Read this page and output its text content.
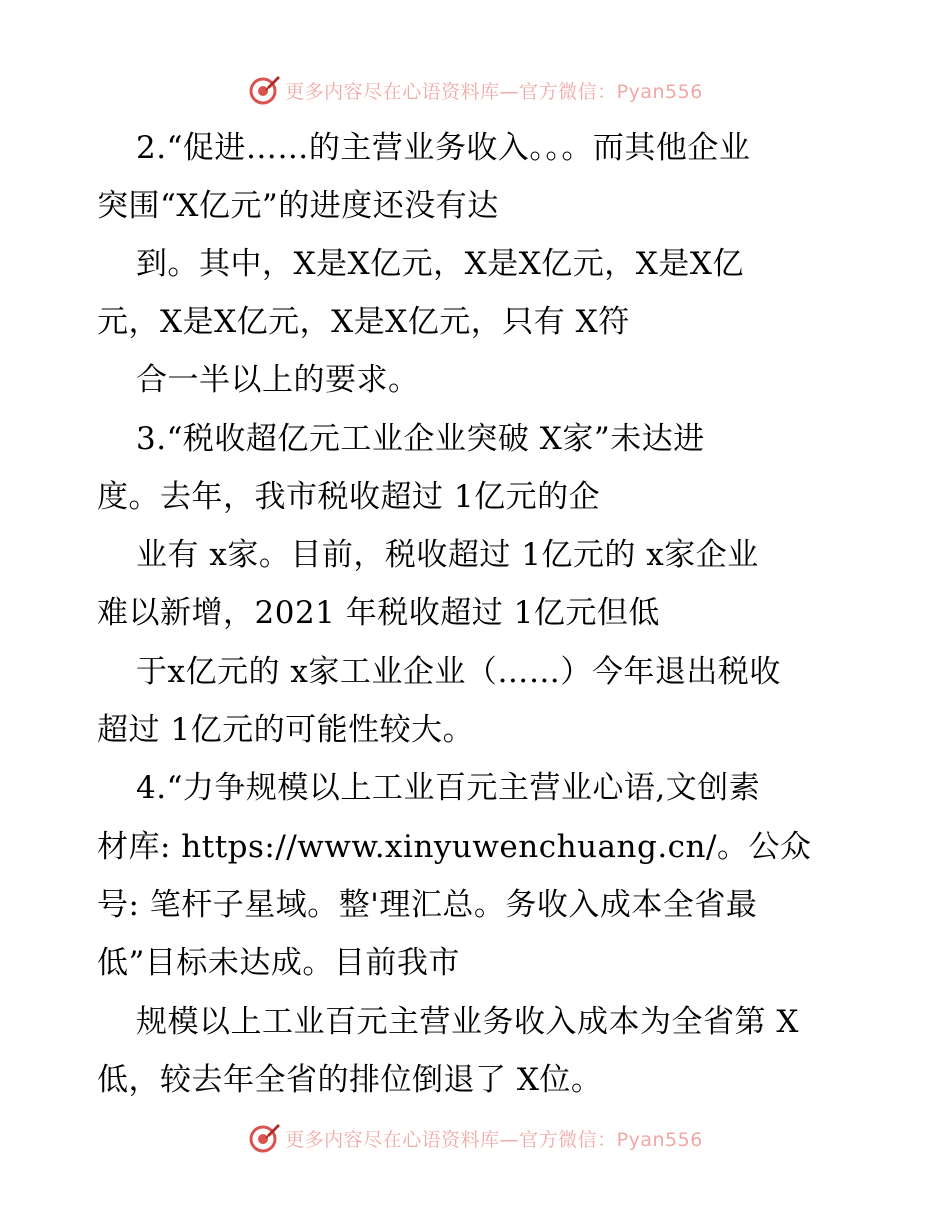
更多内容尽在心语资料库—官方微信：Pyan556
2.“促进……的主营业务收入。。。而其他企业
突围“X亿元”的进度还没有达
到。其中，X是X亿元，X是X亿元，X是X亿
元，X是X亿元，X是X亿元，只有 X符
合一半以上的要求。
3.“税收超亿元工业企业突破 X家”未达进
度。去年，我市税收超过 1亿元的企
业有 x家。目前，税收超过 1亿元的 x家企业
难以新增，2021 年税收超过 1亿元但低
于x亿元的 x家工业企业（……）今年退出税收
超过 1亿元的可能性较大。
4.“力争规模以上工业百元主营业心语,文创素
材库: https://www.xinyuwenchuang.cn/。公众
号: 笔杆子星域。整'理汇总。务收入成本全省最
低”目标未达成。目前我市
规模以上工业百元主营业务收入成本为全省第 X
低，较去年全省的排位倒退了 X位。
更多内容尽在心语资料库—官方微信：Pyan556
